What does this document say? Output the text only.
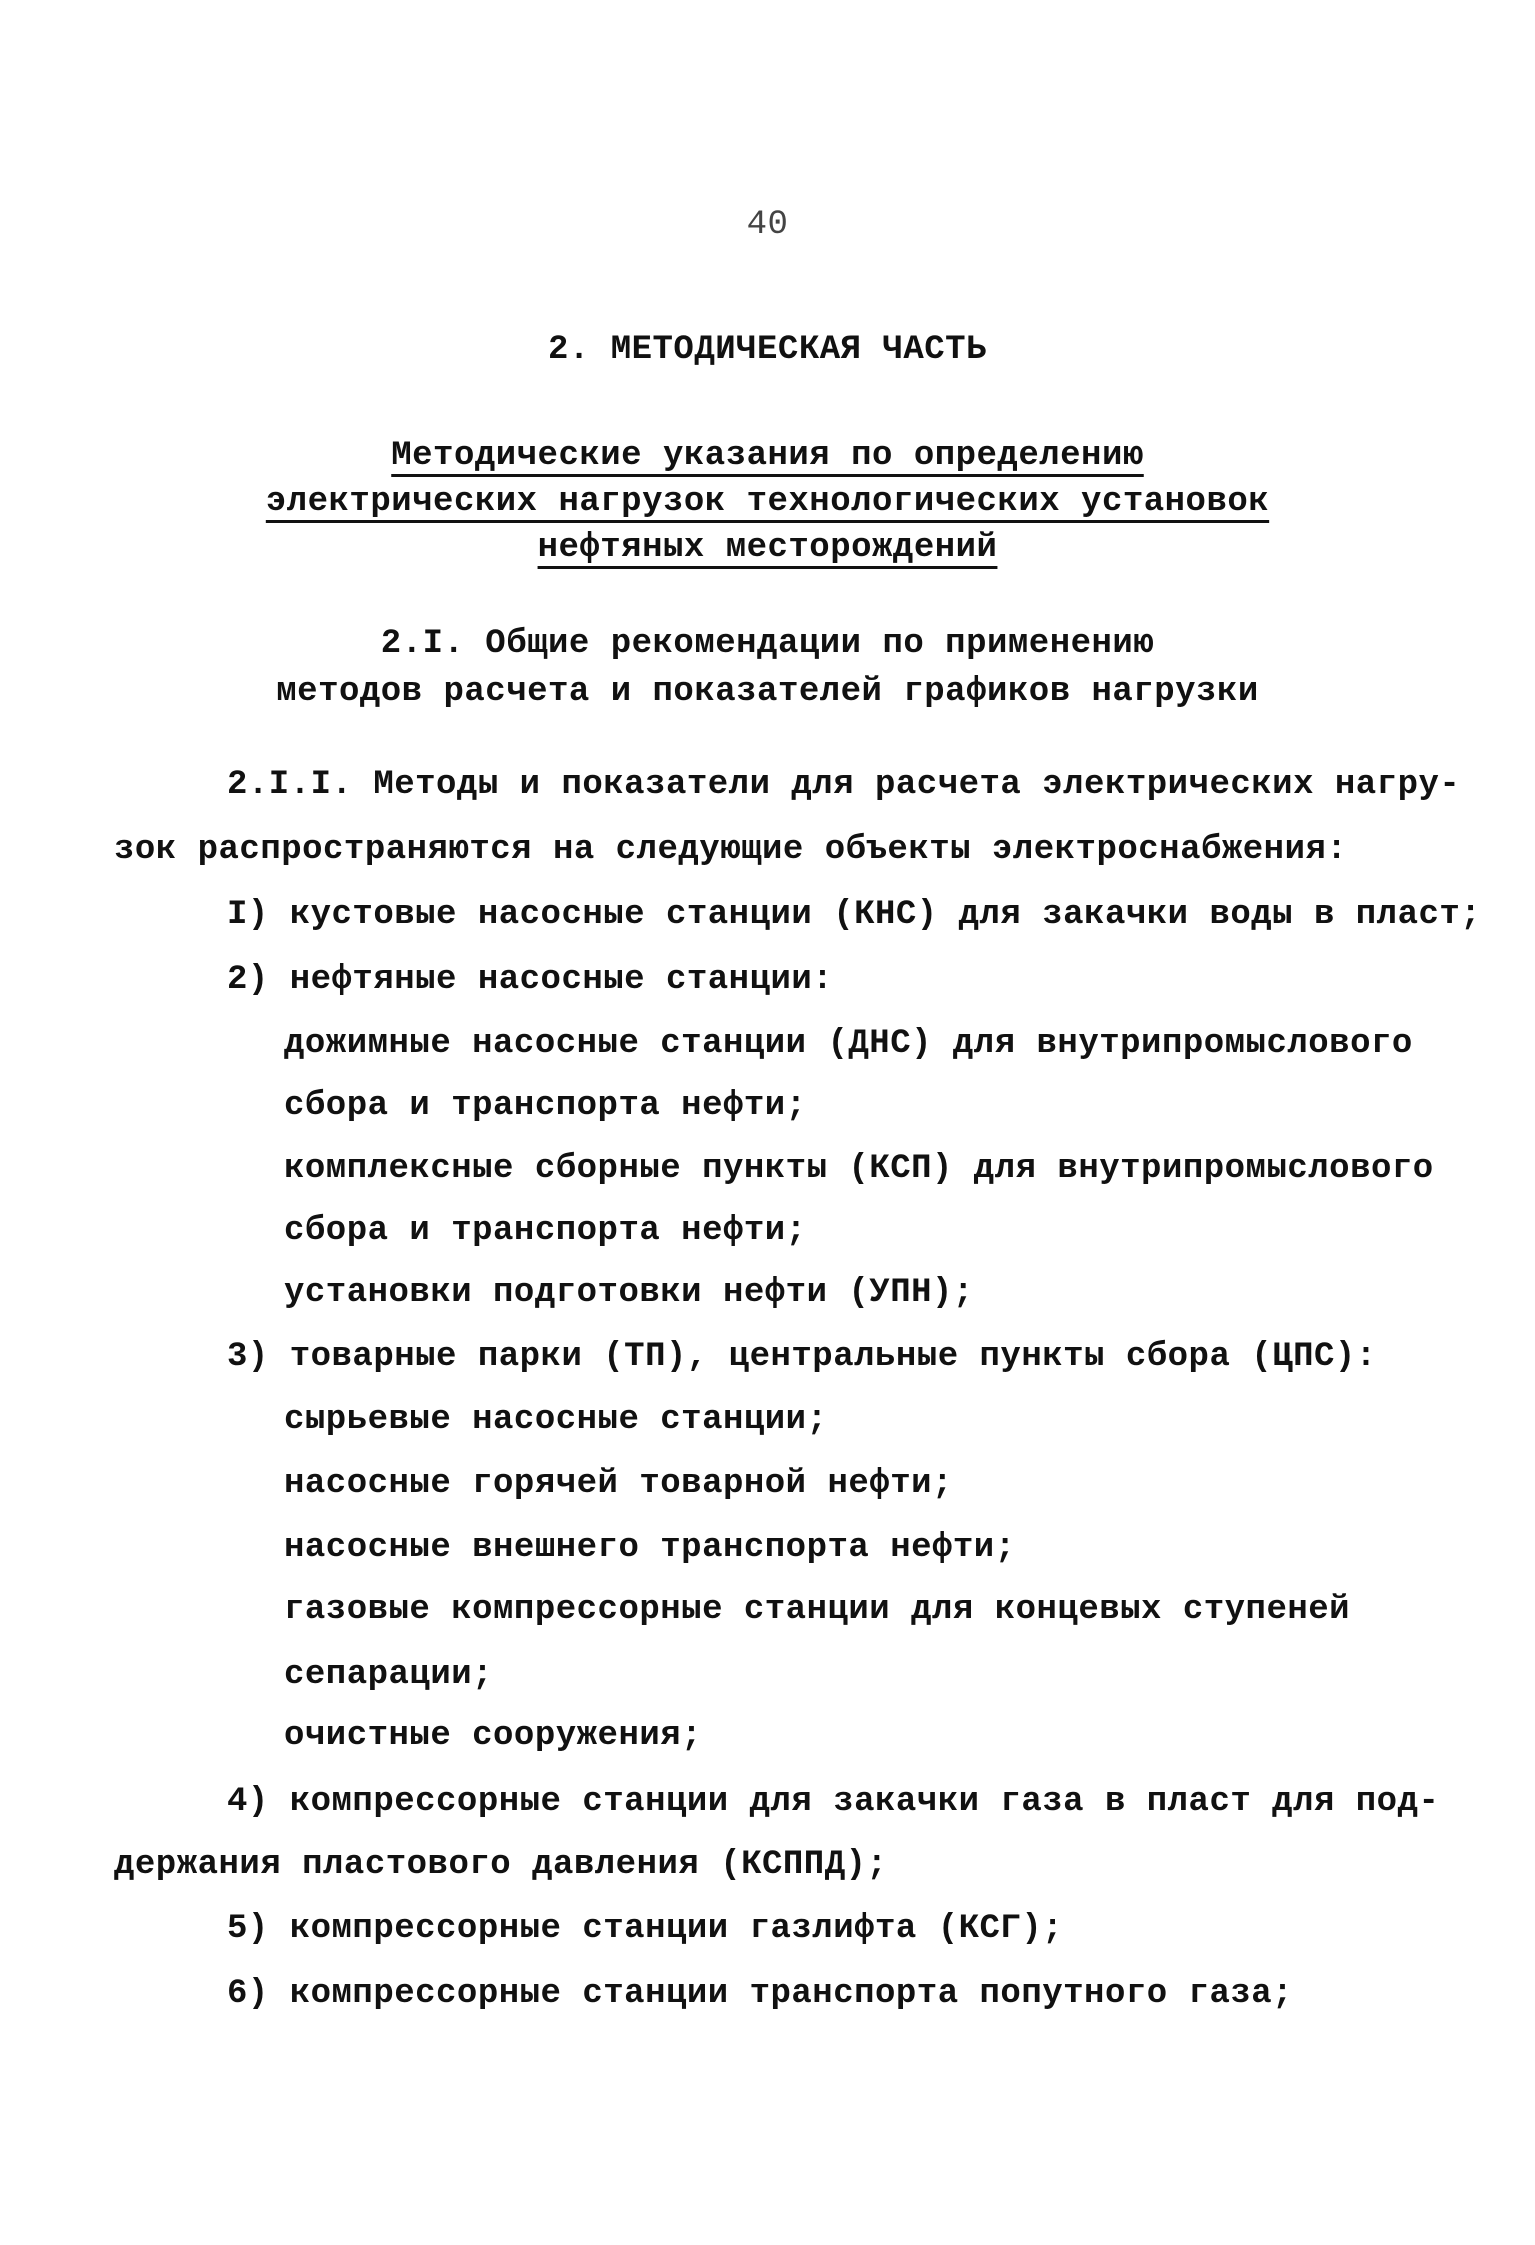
40
2. МЕТОДИЧЕСКАЯ ЧАСТЬ
Методические указания по определению
электрических нагрузок технологических установок
нефтяных месторождений
2.I. Общие рекомендации по применению
методов расчета и показателей графиков нагрузки
2.I.I. Методы и показатели для расчета электрических нагру-
зок распространяются на следующие объекты электроснабжения:
I) кустовые насосные станции (КНС) для закачки воды в пласт;
2) нефтяные насосные станции:
дожимные насосные станции (ДНС) для внутрипромыслового
сбора и транспорта нефти;
комплексные сборные пункты (КСП) для внутрипромыслового
сбора и транспорта нефти;
установки подготовки нефти (УПН);
3) товарные парки (ТП), центральные пункты сбора (ЦПС):
сырьевые насосные станции;
насосные горячей товарной нефти;
насосные внешнего транспорта нефти;
газовые компрессорные станции для концевых ступеней
сепарации;
очистные сооружения;
4) компрессорные станции для закачки газа в пласт для под-
держания пластового давления (КСППД);
5) компрессорные станции газлифта (КСГ);
6) компрессорные станции транспорта попутного газа;
